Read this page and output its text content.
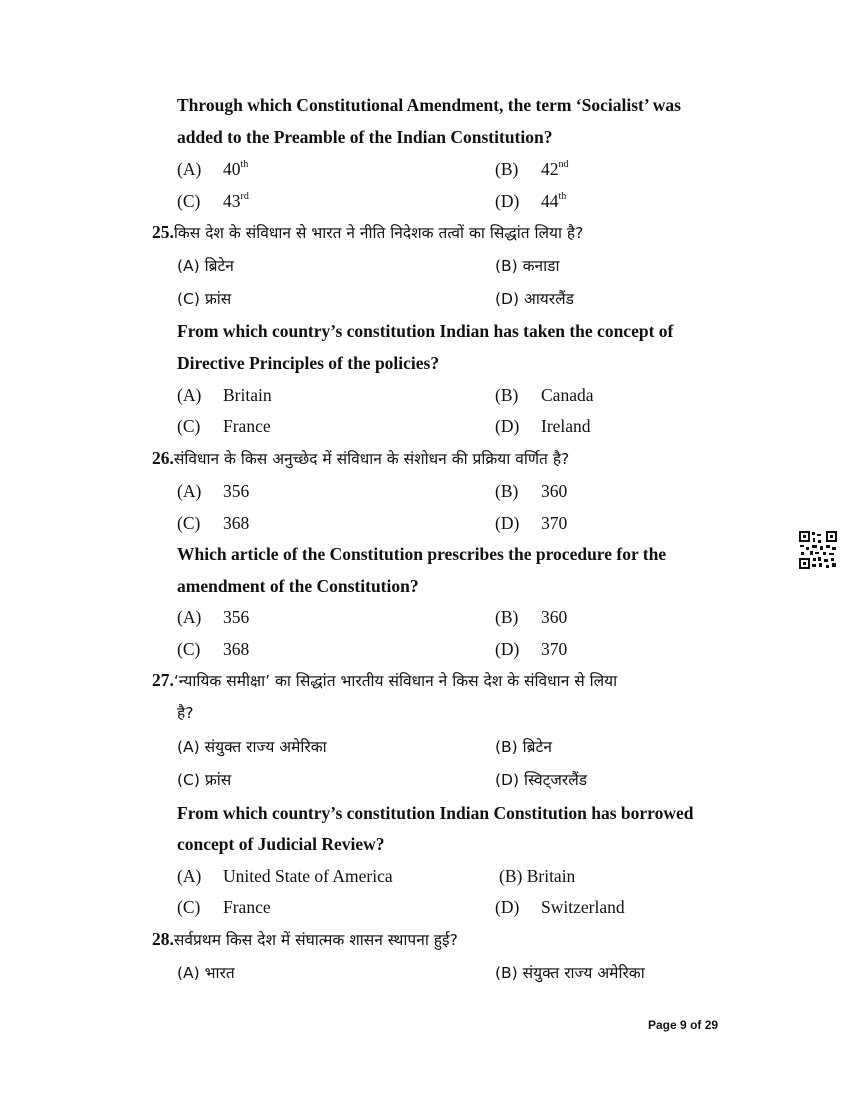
Through which Constitutional Amendment, the term ‘Socialist’ was
added to the Preamble of the Indian Constitution?
(A) 40th	(B) 42nd
(C) 43rd	(D) 44th
25.किस देश के संविधान से भारत ने नीति निदेशक तत्वों का सिद्धांत लिया है?
(A) ब्रिटेन	(B) कनाडा
(C) फ्रांस	(D) आयरलैंड
From which country’s constitution Indian has taken the concept of
Directive Principles of the policies?
(A) Britain	(B) Canada
(C) France	(D) Ireland
26.संविधान के किस अनुच्छेद में संविधान के संशोधन की प्रक्रिया वर्णित है?
(A) 356	(B) 360
(C) 368	(D) 370
Which article of the Constitution prescribes the procedure for the
amendment of the Constitution?
(A) 356	(B) 360
(C) 368	(D) 370
27.‘न्यायिक समीक्षा’ का सिद्धांत भारतीय संविधान ने किस देश के संविधान से लिया
है?
(A) संयुक्त राज्य अमेरिका	(B) ब्रिटेन
(C) फ्रांस	(D) स्विट्जरलैंड
From which country’s constitution Indian Constitution has borrowed
concept of Judicial Review?
(A) United State of America	(B) Britain
(C) France	(D) Switzerland
28.सर्वप्रथम किस देश में संघात्मक शासन स्थापना हुई?
(A) भारत	(B) संयुक्त राज्य अमेरिका
Page 9 of 29
